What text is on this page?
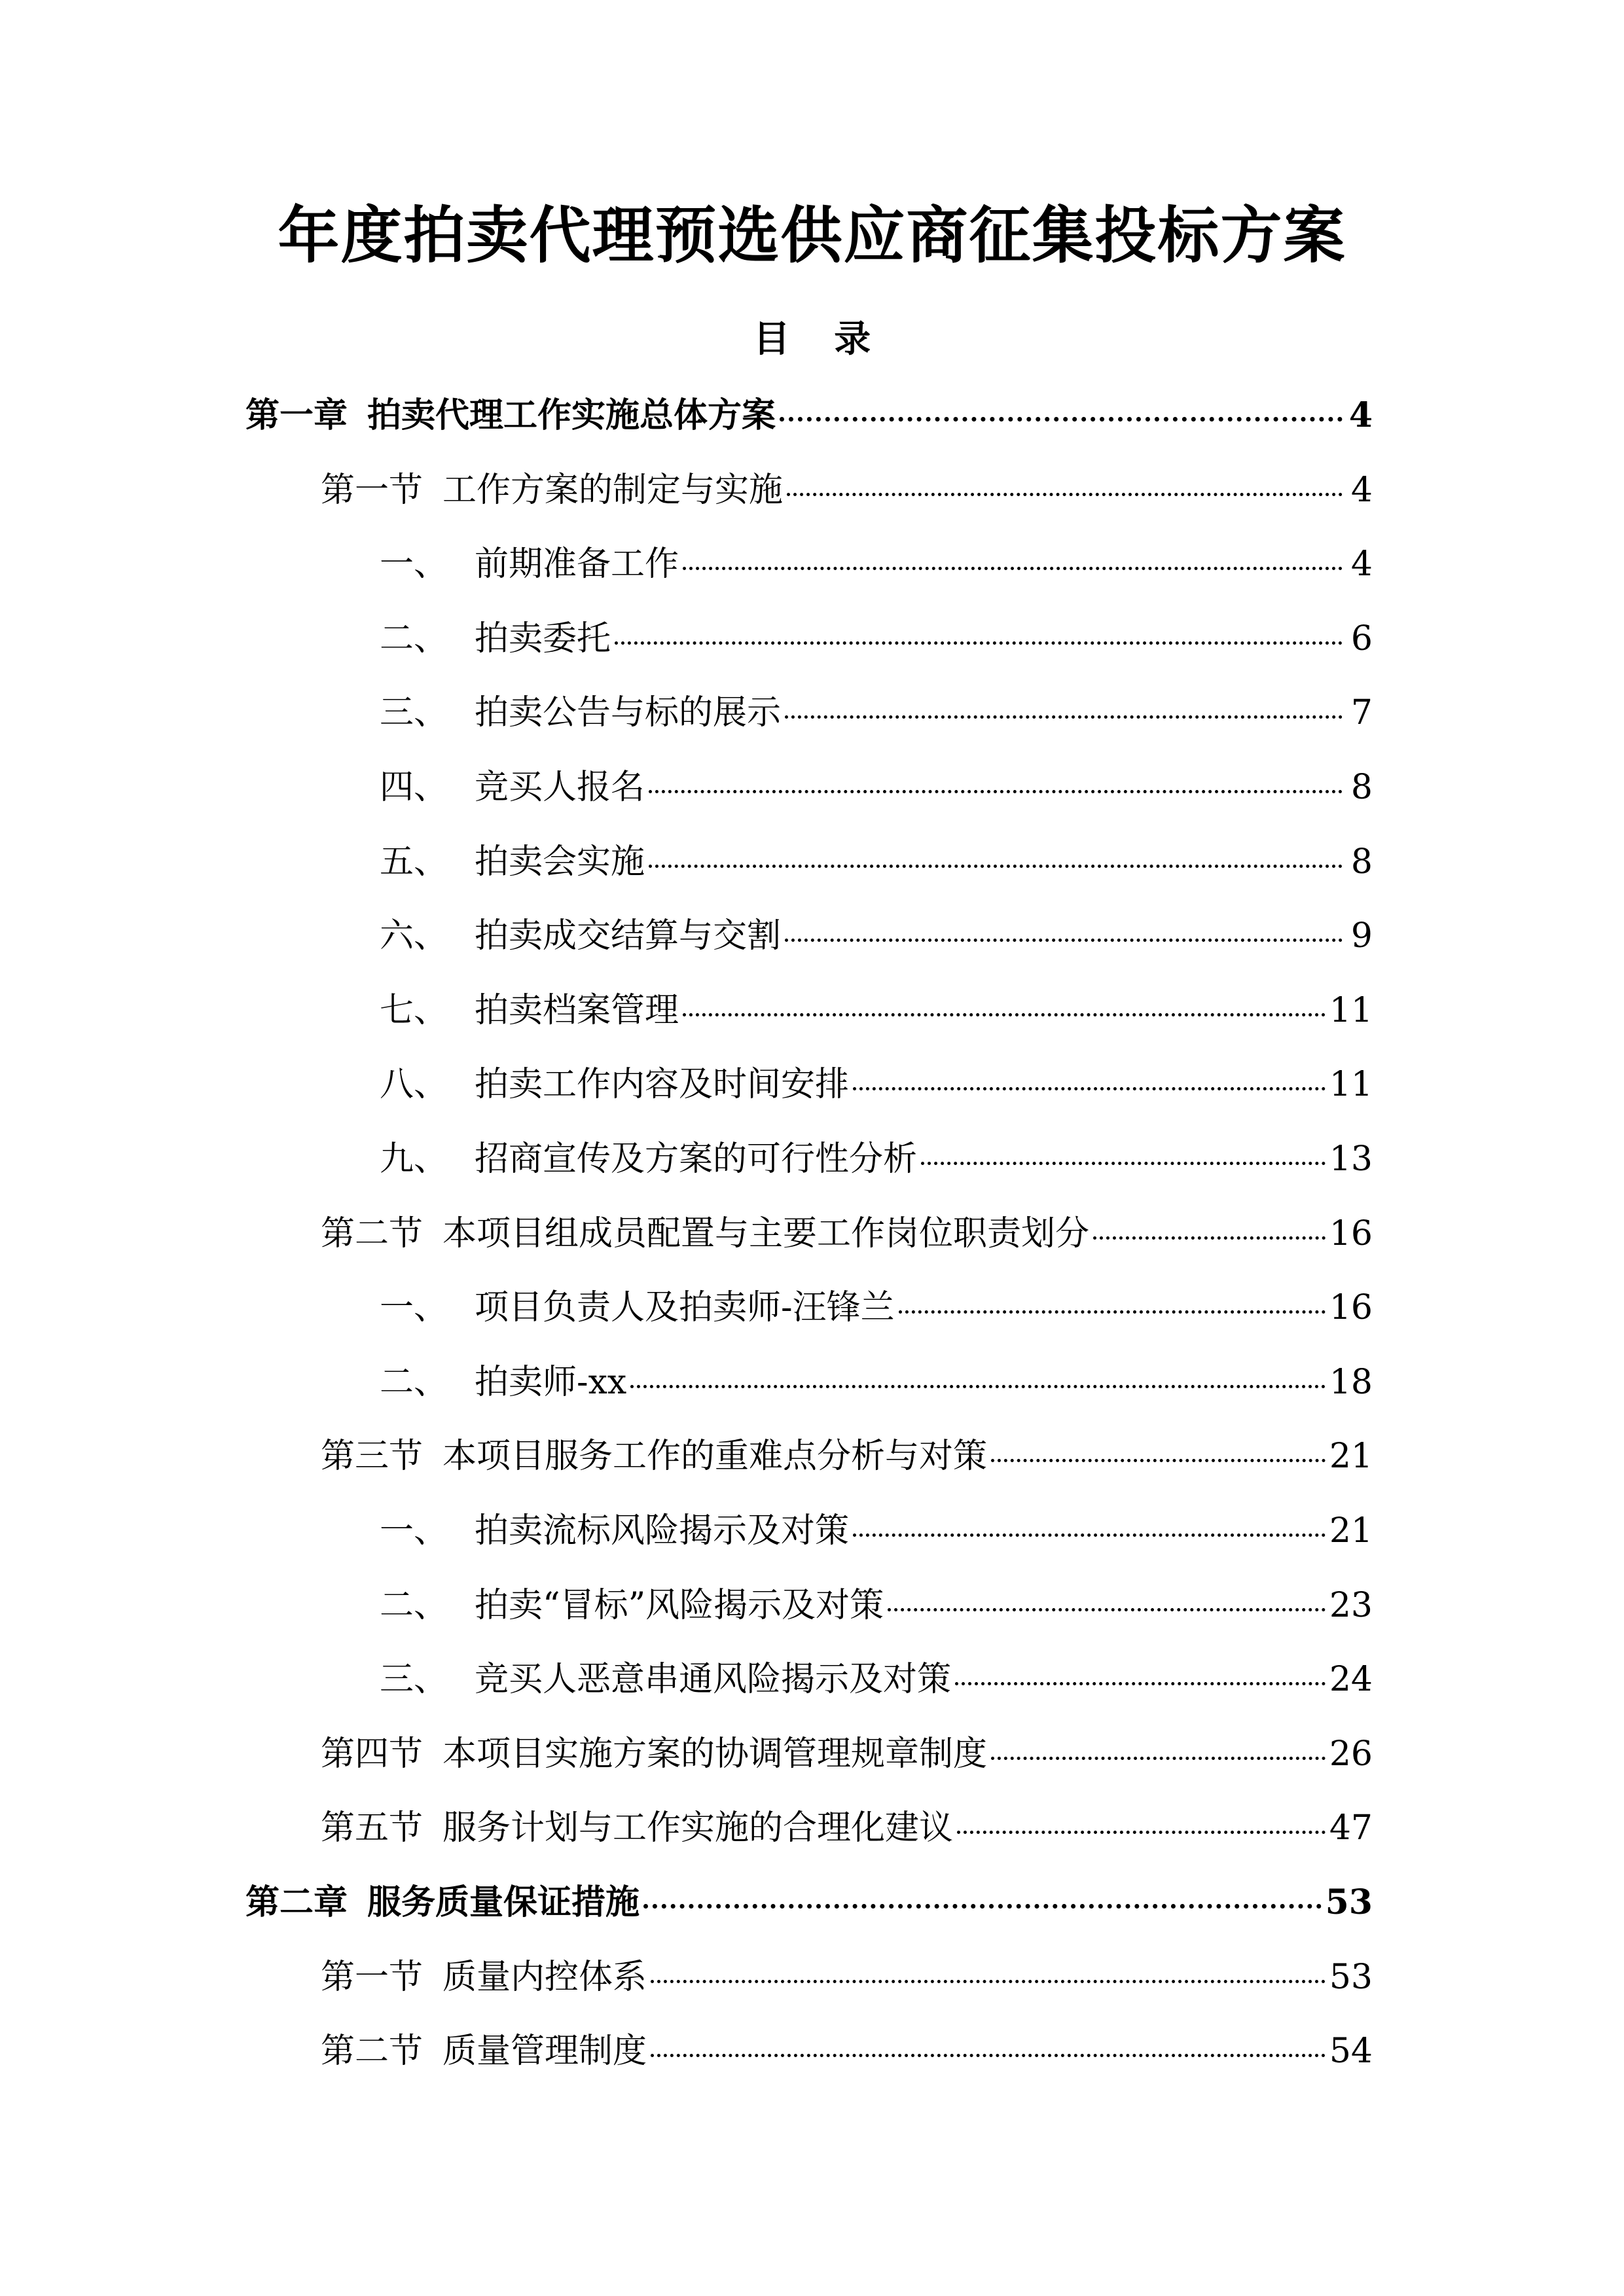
年度拍卖代理预选供应商征集投标方案
目 录
第一章 拍卖代理工作实施总体方案	4
第一节 工作方案的制定与实施	4
一、 前期准备工作	4
二、 拍卖委托	6
三、 拍卖公告与标的展示	7
四、 竞买人报名	8
五、 拍卖会实施	8
六、 拍卖成交结算与交割	9
七、 拍卖档案管理	11
八、 拍卖工作内容及时间安排	11
九、 招商宣传及方案的可行性分析	13
第二节 本项目组成员配置与主要工作岗位职责划分	16
一、 项目负责人及拍卖师-汪锋兰	16
二、 拍卖师-xx	18
第三节 本项目服务工作的重难点分析与对策	21
一、 拍卖流标风险揭示及对策	21
二、 拍卖“冒标”风险揭示及对策	23
三、 竞买人恶意串通风险揭示及对策	24
第四节 本项目实施方案的协调管理规章制度	26
第五节 服务计划与工作实施的合理化建议	47
第二章 服务质量保证措施	53
第一节 质量内控体系	53
第二节 质量管理制度	54
